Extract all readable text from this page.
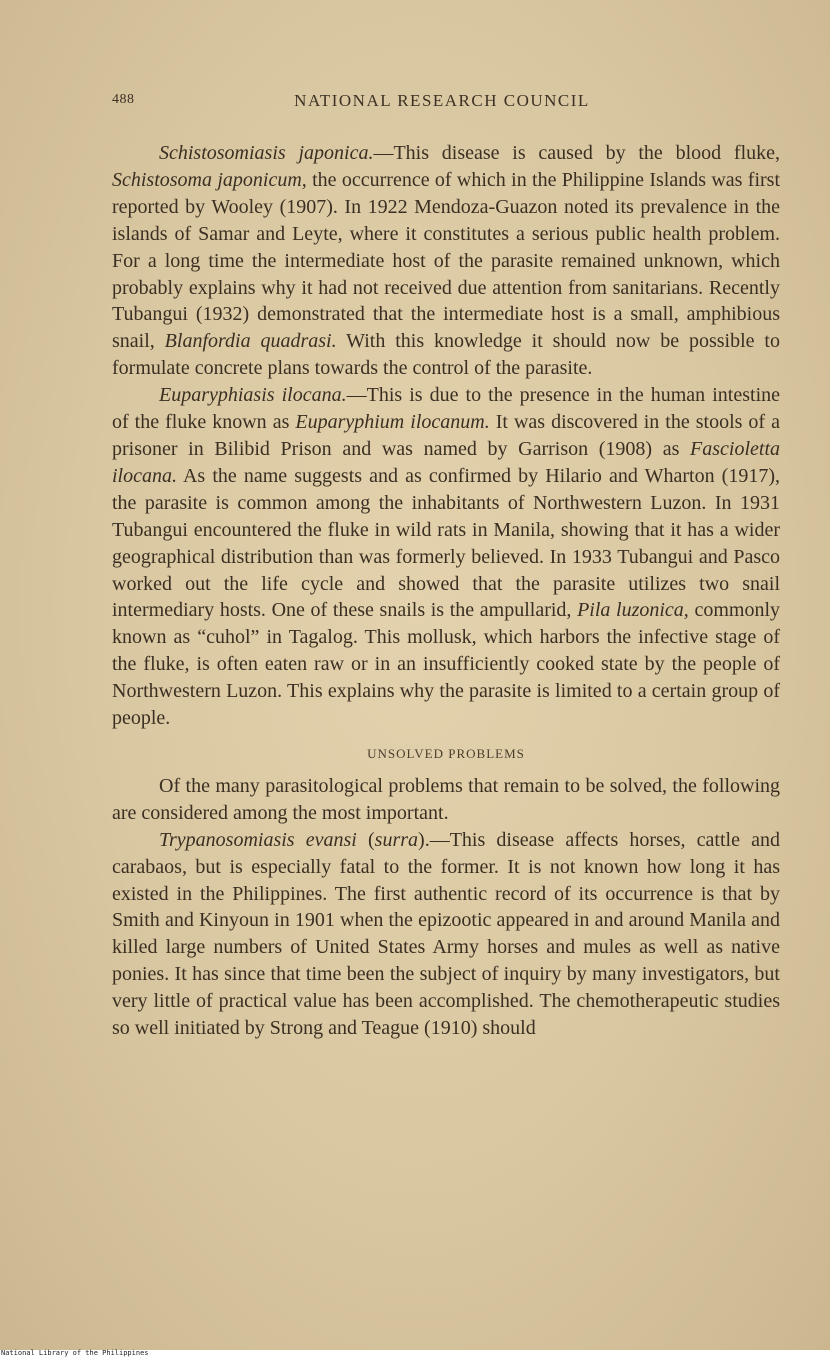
488	NATIONAL RESEARCH COUNCIL

Schistosomiasis japonica.—This disease is caused by the blood fluke, Schistosoma japonicum, the occurrence of which in the Philippine Islands was first reported by Wooley (1907). In 1922 Mendoza-Guazon noted its prevalence in the islands of Samar and Leyte, where it constitutes a serious public health problem. For a long time the intermediate host of the parasite remained unknown, which probably explains why it had not received due attention from sanitarians. Recently Tubangui (1932) demonstrated that the intermediate host is a small, amphibious snail, Blanfordia quadrasi. With this knowledge it should now be possible to formulate concrete plans towards the control of the parasite.

Euparyphiasis ilocana.—This is due to the presence in the human intestine of the fluke known as Euparyphium ilocanum. It was discovered in the stools of a prisoner in Bilibid Prison and was named by Garrison (1908) as Fascioletta ilocana. As the name suggests and as confirmed by Hilario and Wharton (1917), the parasite is common among the inhabitants of Northwestern Luzon. In 1931 Tubangui encountered the fluke in wild rats in Manila, showing that it has a wider geographical distribution than was formerly believed. In 1933 Tubangui and Pasco worked out the life cycle and showed that the parasite utilizes two snail intermediary hosts. One of these snails is the ampullarid, Pila luzonica, commonly known as “cuhol” in Tagalog. This mollusk, which harbors the infective stage of the fluke, is often eaten raw or in an insufficiently cooked state by the people of Northwestern Luzon. This explains why the parasite is limited to a certain group of people.

UNSOLVED PROBLEMS

Of the many parasitological problems that remain to be solved, the following are considered among the most important.

Trypanosomiasis evansi (surra).—This disease affects horses, cattle and carabaos, but is especially fatal to the former. It is not known how long it has existed in the Philippines. The first authentic record of its occurrence is that by Smith and Kinyoun in 1901 when the epizootic appeared in and around Manila and killed large numbers of United States Army horses and mules as well as native ponies. It has since that time been the subject of inquiry by many investigators, but very little of practical value has been accomplished. The chemotherapeutic studies so well initiated by Strong and Teague (1910) should

National Library of the Philippines
